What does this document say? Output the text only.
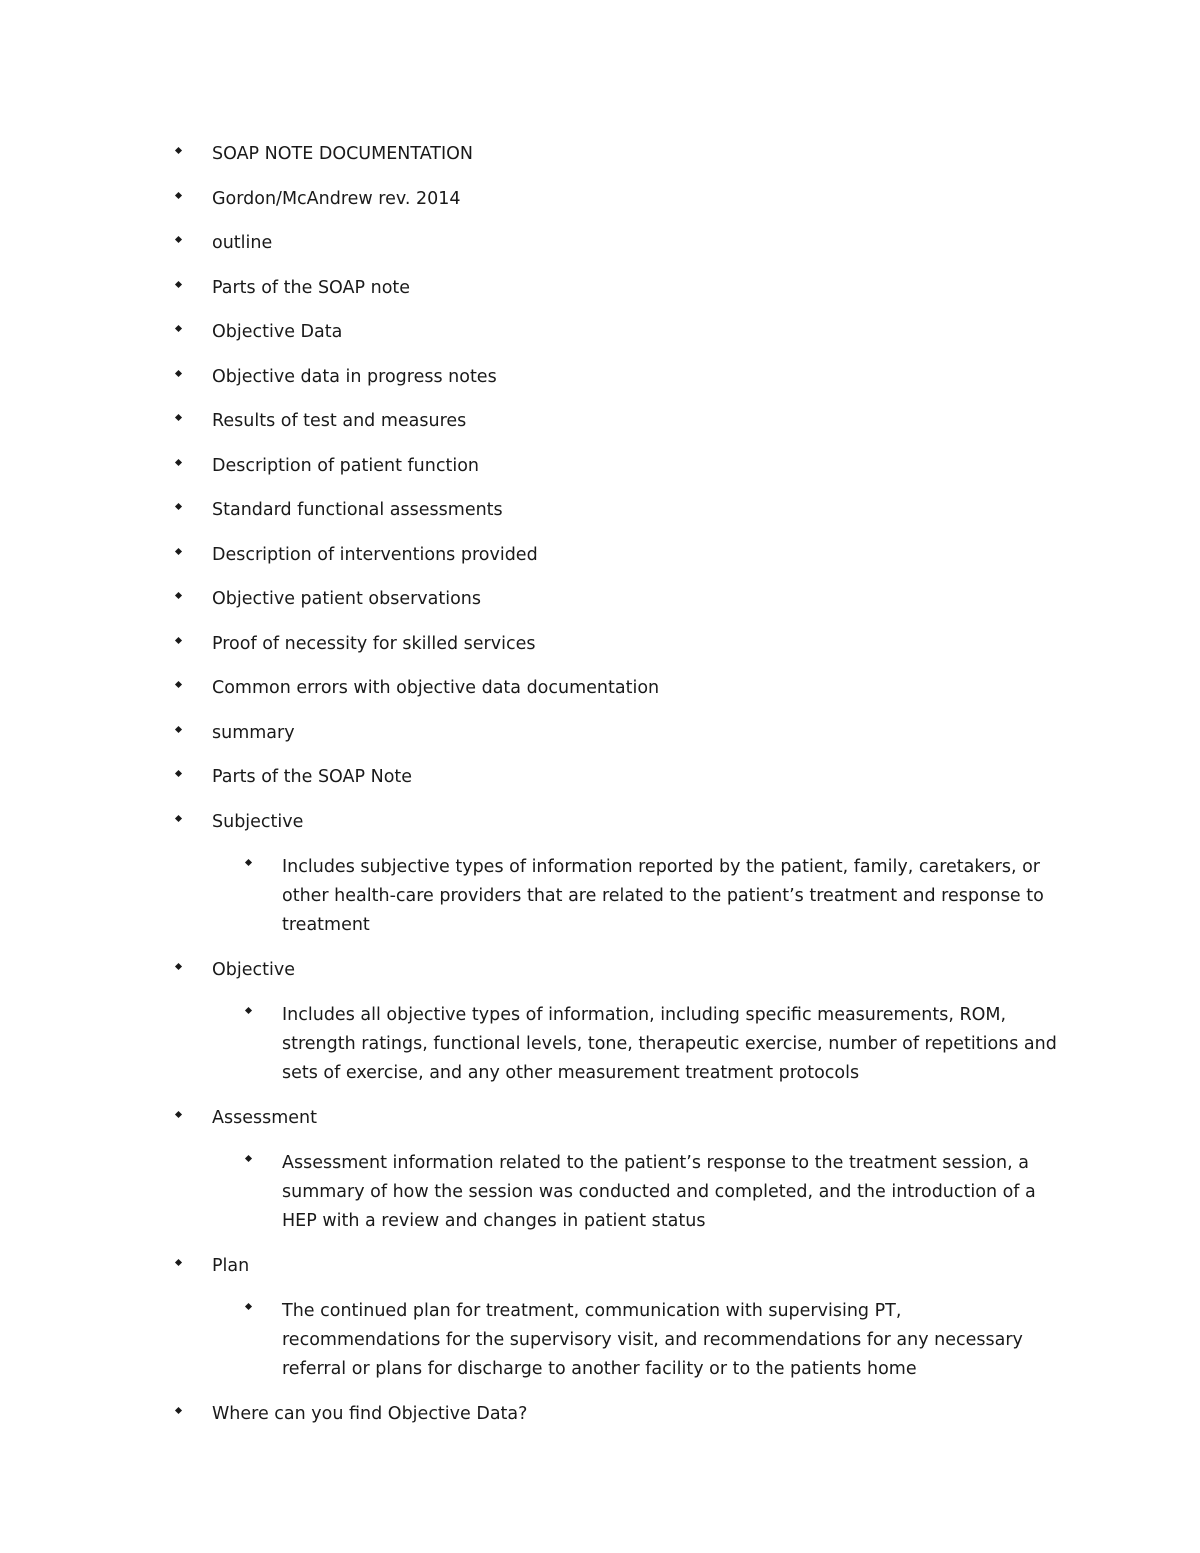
SOAP NOTE DOCUMENTATION
Gordon/McAndrew rev. 2014
outline
Parts of the SOAP note
Objective Data
Objective data in progress notes
Results of test and measures
Description of patient function
Standard functional assessments
Description of interventions provided
Objective patient observations
Proof of necessity for skilled services
Common errors with objective data documentation
summary
Parts of the SOAP Note
Subjective
Includes subjective types of information reported by the patient, family, caretakers, or other health-care providers that are related to the patient’s treatment and response to treatment
Objective
Includes all objective types of information, including specific measurements, ROM, strength ratings, functional levels, tone, therapeutic exercise, number of repetitions and sets of exercise, and any other measurement treatment protocols
Assessment
Assessment information related to the patient’s response to the treatment session, a summary of how the session was conducted and completed, and the introduction of a HEP with a review and changes in patient status
Plan
The continued plan for treatment, communication with supervising PT, recommendations for the supervisory visit, and recommendations for any necessary referral or plans for discharge to another facility or to the patients home
Where can you find Objective Data?
